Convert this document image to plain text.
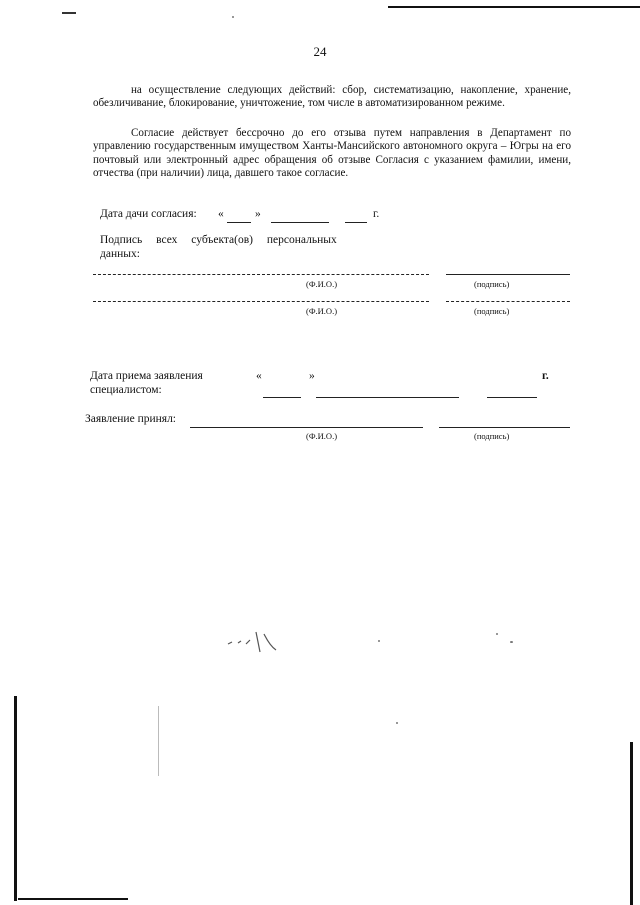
24
на осуществление следующих действий: сбор, систематизацию, накопление, хранение, обезличивание, блокирование, уничтожение, том числе в автоматизированном режиме.
Согласие действует бессрочно до его отзыва путем направления в Департамент по управлению государственным имуществом Ханты-Мансийского автономного округа – Югры на его почтовый или электронный адрес обращения об отзыве Согласия с указанием фамилии, имени, отчества (при наличии) лица, давшего такое согласие.
Дата дачи согласия: «	»	г.
Подпись всех субъекта(ов) персональных
данных:
(Ф.И.О.)	(подпись)
(Ф.И.О.)	(подпись)
Дата приема заявления
специалистом:
«	»	г.
Заявление принял:
(Ф.И.О.)	(подпись)
